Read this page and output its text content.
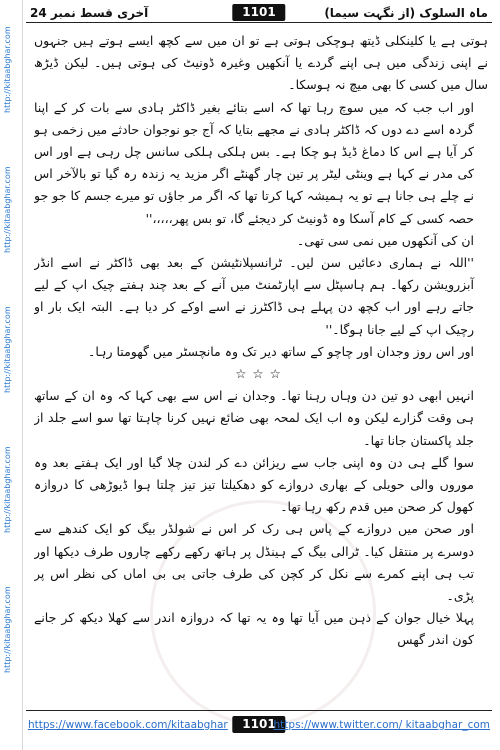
http://kitaabghar.com
http://kitaabghar.com
http://kitaabghar.com
http://kitaabghar.com
http://kitaabghar.com
آخری قسط نمبر 24	1101	ماہ السلوک (از نگہت سیما)

ہوتی ہے یا کلینکلی ڈیتھ ہوچکی ہوتی ہے تو ان میں سے کچھ ایسے ہوتے ہیں جنہوں نے اپنی زندگی میں ہی اپنے گردے یا آنکھیں وغیرہ ڈونیٹ کی ہوتی ہیں۔ لیکن ڈیڑھ سال میں کسی کا بھی میچ نہ ہوسکا۔

اور اب جب کہ میں سوچ رہا تھا کہ اسے بتائے بغیر ڈاکٹر ہادی سے بات کر کے اپنا گردہ اسے دے دوں کہ ڈاکٹر ہادی نے مجھے بتایا کہ آج جو نوجوان حادثے میں زخمی ہو کر آیا ہے اس کا دماغ ڈیڈ ہو چکا ہے۔ بس ہلکی ہلکی سانس چل رہی ہے اور اس کی مدر نے کہا ہے وینٹی لیٹر پر تین چار گھنٹے اگر مزید یہ زندہ رہ گیا تو بالآخر اس نے چلے ہی جانا ہے تو یہ ہمیشہ کہا کرتا تھا کہ اگر مر جاؤں تو میرے جسم کا جو جو حصہ کسی کے کام آسکا وہ ڈونیٹ کر دیجئے گا، تو بس پھر،،،،،''

ان کی آنکھوں میں نمی سی تھی۔

''اللہ نے ہماری دعائیں سن لیں۔ ٹرانسپلانٹیشن کے بعد بھی ڈاکٹر نے اسے انڈر آبزرویشن رکھا۔ ہم ہاسپٹل سے اپارٹمنٹ میں آنے کے بعد چند ہفتے چیک اپ کے لیے جاتے رہے اور اب کچھ دن پہلے ہی ڈاکٹرز نے اسے اوکے کر دیا ہے۔ البتہ ایک بار او رچیک اپ کے لیے جانا ہوگا۔''

اور اس روز وجدان اور چاچو کے ساتھ دیر تک وہ مانچسٹر میں گھومتا رہا۔

☆☆☆

انہیں ابھی دو تین دن وہاں رہنا تھا۔ وجدان نے اس سے بھی کہا کہ وہ ان کے ساتھ ہی وقت گزارے لیکن وہ اب ایک لمحہ بھی ضائع نہیں کرنا چاہتا تھا سو اسے جلد از جلد پاکستان جانا تھا۔

سوا گلے ہی دن وہ اپنی جاب سے ریزائن دے کر لندن چلا گیا اور ایک ہفتے بعد وہ موروں والی حویلی کے بھاری دروازے کو دھکیلتا تیز تیز چلتا ہوا ڈیوڑھی کا دروازہ کھول کر صحن میں قدم رکھ رہا تھا۔

اور صحن میں دروازے کے پاس ہی رک کر اس نے شولڈر بیگ کو ایک کندھے سے دوسرے پر منتقل کیا۔ ٹرالی بیگ کے ہینڈل پر ہاتھ رکھے رکھے چاروں طرف دیکھا اور تب ہی اپنے کمرے سے نکل کر کچن کی طرف جاتی بی بی اماں کی نظر اس پر پڑی۔

پہلا خیال جوان کے ذہن میں آیا تھا وہ یہ تھا کہ دروازہ اندر سے کھلا دیکھ کر جانے کون اندر گھس

https://www.facebook.com/kitaabghar	1101
https://www.twitter.com/ kitaabghar_com
